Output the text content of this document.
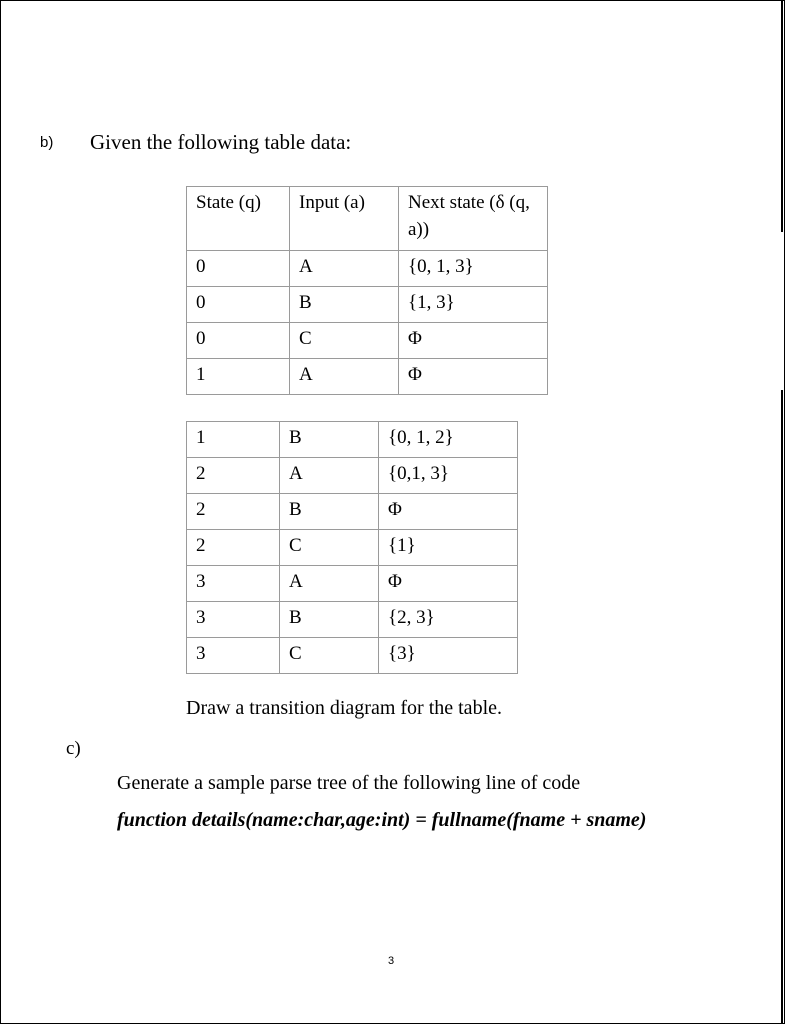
b) Given the following table data:
State (q)	Input (a)	Next state (δ (q, a))
0	A	{0, 1, 3}
0	B	{1, 3}
0	C	Φ
1	A	Φ
1	B	{0, 1, 2}
2	A	{0,1, 3}
2	B	Φ
2	C	{1}
3	A	Φ
3	B	{2, 3}
3	C	{3}
Draw a transition diagram for the table.
c)
Generate a sample parse tree of the following line of code
function details(name:char,age:int) = fullname(fname + sname)
3
